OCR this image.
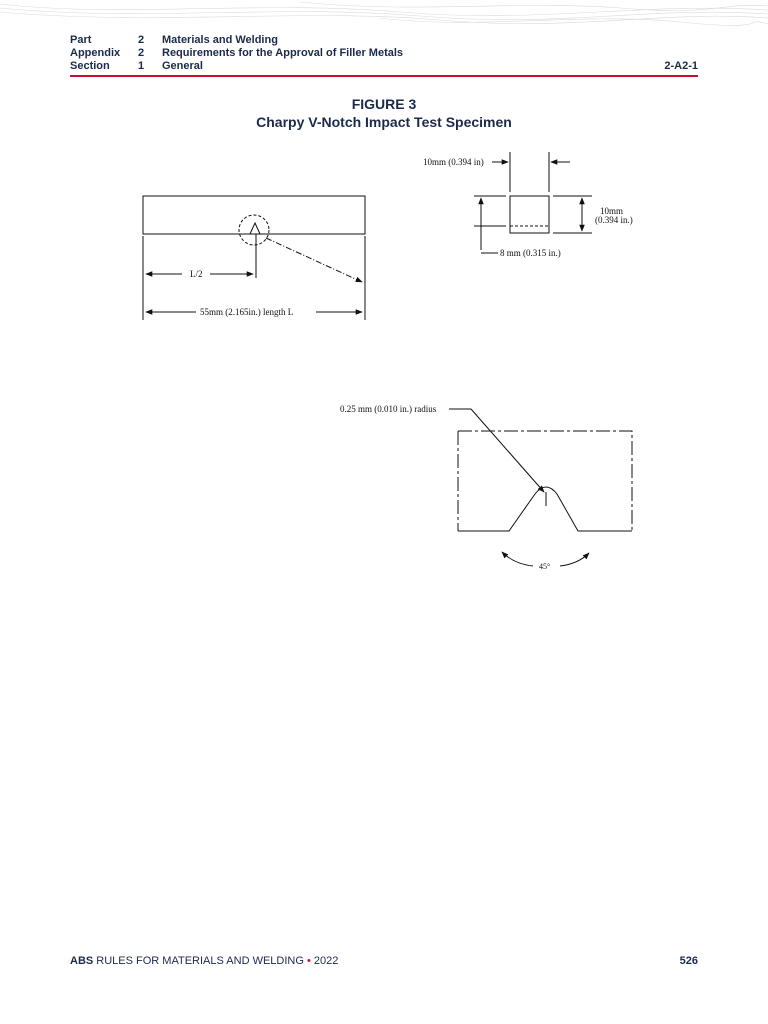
Part	2 Materials and Welding
Appendix 2 Requirements for the Approval of Filler Metals
Section	1 General	2-A2-1
FIGURE 3
Charpy V-Notch Impact Test Specimen
L/2
55mm (2.165in.) length L
10mm (0.394 in)
10mm
(0.394 in.)
8 mm (0.315 in.)
0.25 mm (0.010 in.) radius
45°
ABS RULES FOR MATERIALS AND WELDING • 2022	526
